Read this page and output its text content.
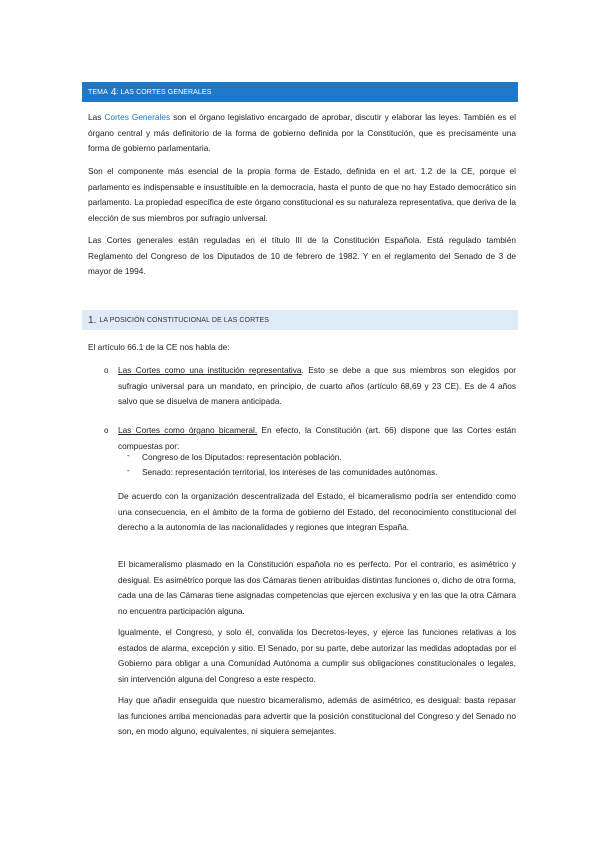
TEMA 4 : LAS CORTES GENERALES

Las Cortes Generales son el órgano legislativo encargado de aprobar, discutir y elaborar las leyes. También es el órgano central y más definitorio de la forma de gobierno definida por la Constitución, que es precisamente una forma de gobierno parlamentaria.

Son el componente más esencial de la propia forma de Estado, definida en el art. 1.2 de la CE, porque el parlamento es indispensable e insustituible en la democracia, hasta el punto de que no hay Estado democrático sin parlamento. La propiedad específica de este órgano constitucional es su naturaleza representativa, que deriva de la elección de sus miembros por sufragio universal.

Las Cortes generales están reguladas en el título III de la Constitución Española. Está regulado también Reglamento del Congreso de los Diputados de 10 de febrero de 1982. Y en el reglamento del Senado de 3 de mayor de 1994.

1. LA POSICIÓN CONSTITUCIONAL DE LAS CORTES

El artículo 66.1 de la CE nos habla de:

o Las Cortes como una institución representativa. Esto se debe a que sus miembros son elegidos por sufragio universal para un mandato, en principio, de cuarto años (artículo 68,69 y 23 CE). Es de 4 años salvo que se disuelva de manera anticipada.

o Las Cortes como órgano bicameral. En efecto, la Constitución (art. 66) dispone que las Cortes están compuestas por:

- Congreso de los Diputados: representación población.
- Senado: representación territorial, los intereses de las comunidades autónomas.

De acuerdo con la organización descentralizada del Estado, el bicameralismo podría ser entendido como una consecuencia, en el ámbito de la forma de gobierno del Estado, del reconocimiento constitucional del derecho a la autonomía de las nacionalidades y regiones que integran España.

El bicameralismo plasmado en la Constitución española no es perfecto. Por el contrario, es asimétrico y desigual. Es asimétrico porque las dos Cámaras tienen atribuidas distintas funciones o, dicho de otra forma, cada una de las Cámaras tiene asignadas competencias que ejercen exclusiva y en las que la otra Cámara no encuentra participación alguna.

Igualmente, el Congreso, y solo él, convalida los Decretos-leyes, y ejerce las funciones relativas a los estados de alarma, excepción y sitio. El Senado, por su parte, debe autorizar las medidas adoptadas por el Gobierno para obligar a una Comunidad Autónoma a cumplir sus obligaciones constitucionales o legales, sin intervención alguna del Congreso a este respecto.

Hay que añadir enseguida que nuestro bicameralismo, además de asimétrico, es desigual: basta repasar las funciones arriba mencionadas para advertir que la posición constitucional del Congreso y del Senado no son, en modo alguno, equivalentes, ni siquiera semejantes.
